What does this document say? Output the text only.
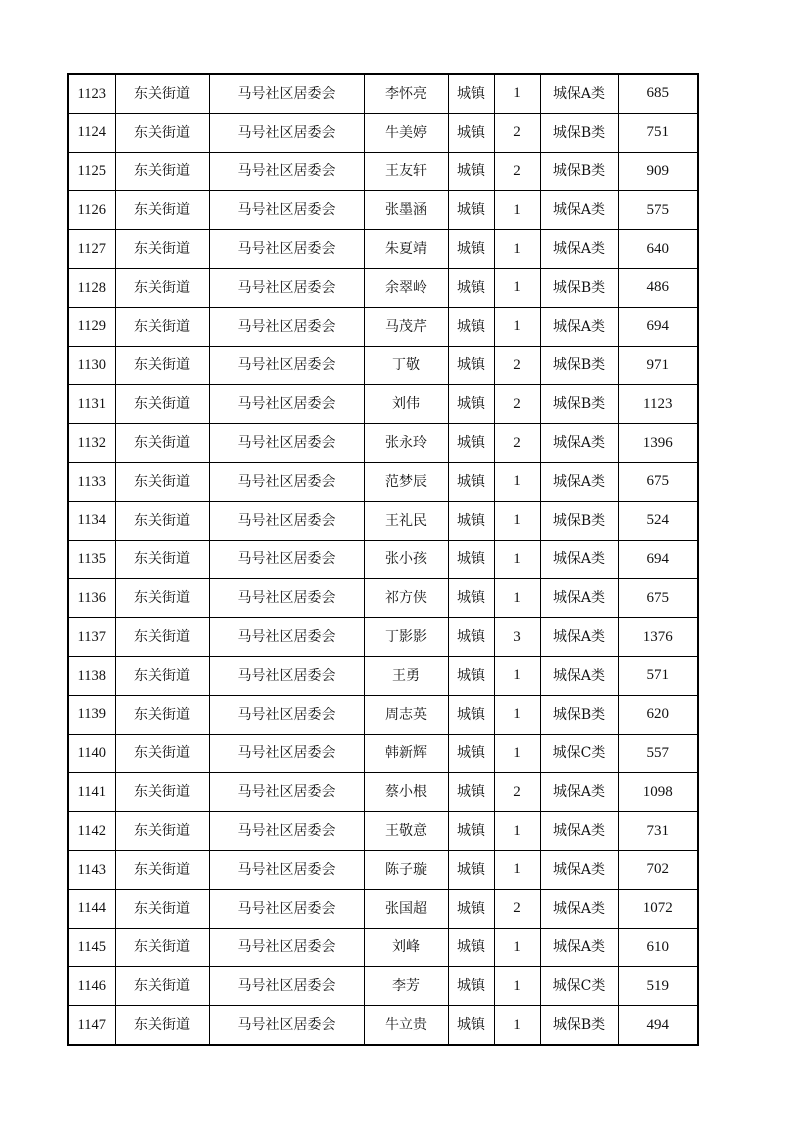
1123	东关街道	马号社区居委会	李怀亮	城镇	1	城保A类	685
1124	东关街道	马号社区居委会	牛美婷	城镇	2	城保B类	751
1125	东关街道	马号社区居委会	王友轩	城镇	2	城保B类	909
1126	东关街道	马号社区居委会	张墨涵	城镇	1	城保A类	575
1127	东关街道	马号社区居委会	朱夏靖	城镇	1	城保A类	640
1128	东关街道	马号社区居委会	余翠岭	城镇	1	城保B类	486
1129	东关街道	马号社区居委会	马茂芹	城镇	1	城保A类	694
1130	东关街道	马号社区居委会	丁敬	城镇	2	城保B类	971
1131	东关街道	马号社区居委会	刘伟	城镇	2	城保B类	1123
1132	东关街道	马号社区居委会	张永玲	城镇	2	城保A类	1396
1133	东关街道	马号社区居委会	范梦辰	城镇	1	城保A类	675
1134	东关街道	马号社区居委会	王礼民	城镇	1	城保B类	524
1135	东关街道	马号社区居委会	张小孩	城镇	1	城保A类	694
1136	东关街道	马号社区居委会	祁方侠	城镇	1	城保A类	675
1137	东关街道	马号社区居委会	丁影影	城镇	3	城保A类	1376
1138	东关街道	马号社区居委会	王勇	城镇	1	城保A类	571
1139	东关街道	马号社区居委会	周志英	城镇	1	城保B类	620
1140	东关街道	马号社区居委会	韩新辉	城镇	1	城保C类	557
1141	东关街道	马号社区居委会	蔡小根	城镇	2	城保A类	1098
1142	东关街道	马号社区居委会	王敬意	城镇	1	城保A类	731
1143	东关街道	马号社区居委会	陈子璇	城镇	1	城保A类	702
1144	东关街道	马号社区居委会	张国超	城镇	2	城保A类	1072
1145	东关街道	马号社区居委会	刘峰	城镇	1	城保A类	610
1146	东关街道	马号社区居委会	李芳	城镇	1	城保C类	519
1147	东关街道	马号社区居委会	牛立贵	城镇	1	城保B类	494
